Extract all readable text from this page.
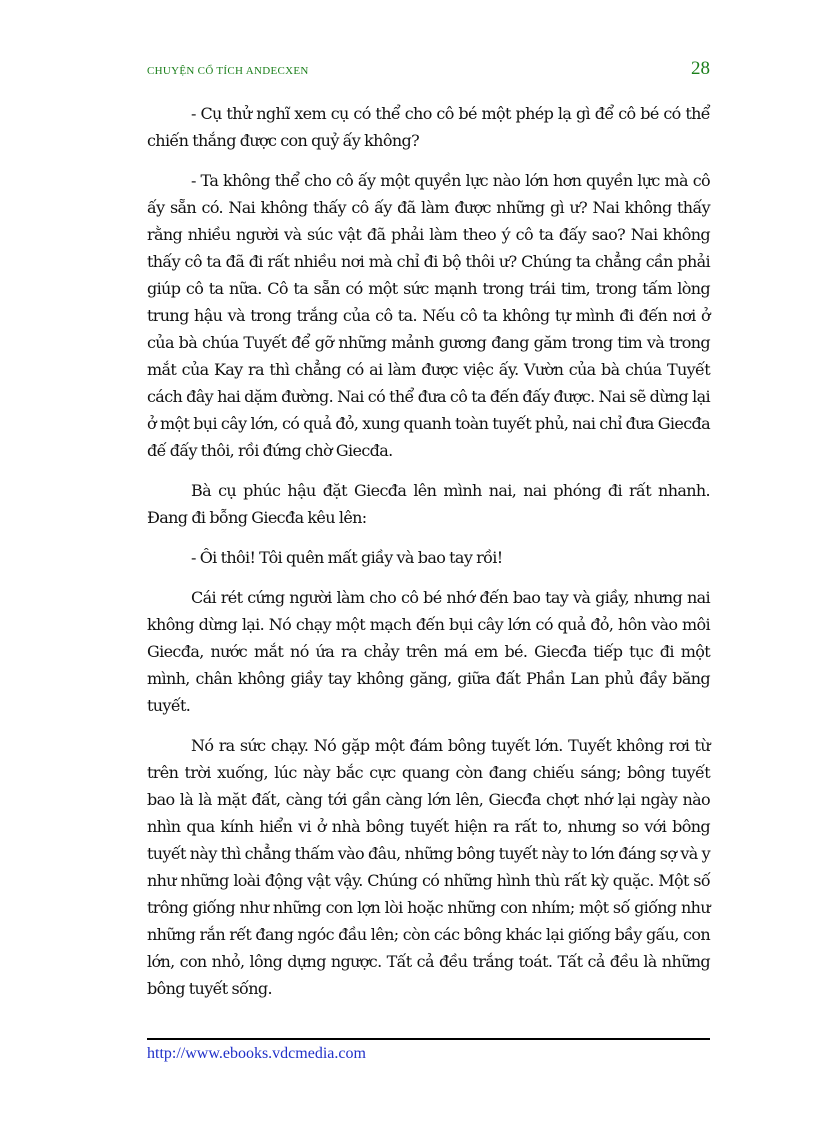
CHUYỆN CỔ TÍCH ANDECXEN	28

- Cụ thử nghĩ xem cụ có thể cho cô bé một phép lạ gì để cô bé có thể chiến thắng được con quỷ ấy không?

- Ta không thể cho cô ấy một quyền lực nào lớn hơn quyền lực mà cô ấy sẵn có. Nai không thấy cô ấy đã làm được những gì ư? Nai không thấy rằng nhiều người và súc vật đã phải làm theo ý cô ta đấy sao? Nai không thấy cô ta đã đi rất nhiều nơi mà chỉ đi bộ thôi ư? Chúng ta chẳng cần phải giúp cô ta nữa. Cô ta sẵn có một sức mạnh trong trái tim, trong tấm lòng trung hậu và trong trắng của cô ta. Nếu cô ta không tự mình đi đến nơi ở của bà chúa Tuyết để gỡ những mảnh gương đang găm trong tim và trong mắt của Kay ra thì chẳng có ai làm được việc ấy. Vườn của bà chúa Tuyết cách đây hai dặm đường. Nai có thể đưa cô ta đến đấy được. Nai sẽ dừng lại ở một bụi cây lớn, có quả đỏ, xung quanh toàn tuyết phủ, nai chỉ đưa Giecđa đế đấy thôi, rồi đứng chờ Giecđa.

Bà cụ phúc hậu đặt Giecđa lên mình nai, nai phóng đi rất nhanh. Đang đi bỗng Giecđa kêu lên:

- Ôi thôi! Tôi quên mất giầy và bao tay rồi!

Cái rét cứng người làm cho cô bé nhớ đến bao tay và giầy, nhưng nai không dừng lại. Nó chạy một mạch đến bụi cây lớn có quả đỏ, hôn vào môi Giecđa, nước mắt nó ứa ra chảy trên má em bé. Giecđa tiếp tục đi một mình, chân không giầy tay không găng, giữa đất Phần Lan phủ đầy băng tuyết.

Nó ra sức chạy. Nó gặp một đám bông tuyết lớn. Tuyết không rơi từ trên trời xuống, lúc này bắc cực quang còn đang chiếu sáng; bông tuyết bao là là mặt đất, càng tới gần càng lớn lên, Giecđa chợt nhớ lại ngày nào nhìn qua kính hiển vi ở nhà bông tuyết hiện ra rất to, nhưng so với bông tuyết này thì chẳng thấm vào đâu, những bông tuyết này to lớn đáng sợ và y như những loài động vật vậy. Chúng có những hình thù rất kỳ quặc. Một số trông giống như những con lợn lòi hoặc những con nhím; một số giống như những rắn rết đang ngóc đầu lên; còn các bông khác lại giống bầy gấu, con lớn, con nhỏ, lông dựng ngược. Tất cả đều trắng toát. Tất cả đều là những bông tuyết sống.

http://www.ebooks.vdcmedia.com
